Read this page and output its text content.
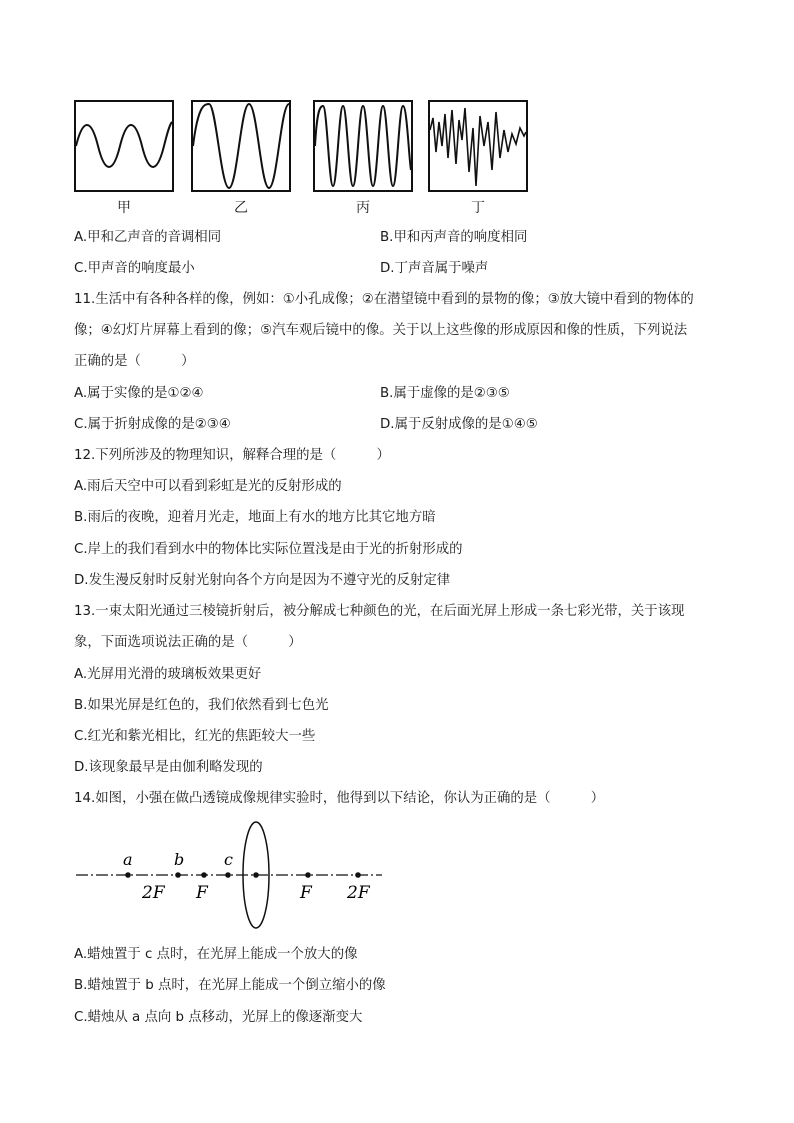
甲	乙	丙	丁
A.甲和乙声音的音调相同	B.甲和丙声音的响度相同
C.甲声音的响度最小	D.丁声音属于噪声
11.生活中有各种各样的像，例如：①小孔成像；②在潜望镜中看到的景物的像；③放大镜中看到的物体的
像；④幻灯片屏幕上看到的像；⑤汽车观后镜中的像。关于以上这些像的形成原因和像的性质，下列说法
正确的是（　　　）
A.属于实像的是①②④	B.属于虚像的是②③⑤
C.属于折射成像的是②③④	D.属于反射成像的是①④⑤
12.下列所涉及的物理知识，解释合理的是（　　　）
A.雨后天空中可以看到彩虹是光的反射形成的
B.雨后的夜晚，迎着月光走，地面上有水的地方比其它地方暗
C.岸上的我们看到水中的物体比实际位置浅是由于光的折射形成的
D.发生漫反射时反射光射向各个方向是因为不遵守光的反射定律
13.一束太阳光通过三棱镜折射后，被分解成七种颜色的光，在后面光屏上形成一条七彩光带，关于该现
象，下面选项说法正确的是（　　　）
A.光屏用光滑的玻璃板效果更好
B.如果光屏是红色的，我们依然看到七色光
C.红光和紫光相比，红光的焦距较大一些
D.该现象最早是由伽利略发现的
14.如图，小强在做凸透镜成像规律实验时，他得到以下结论，你认为正确的是（　　　）
a	b c
2F F	F 2F
A.蜡烛置于 c 点时，在光屏上能成一个放大的像
B.蜡烛置于 b 点时，在光屏上能成一个倒立缩小的像
C.蜡烛从 a 点向 b 点移动，光屏上的像逐渐变大
